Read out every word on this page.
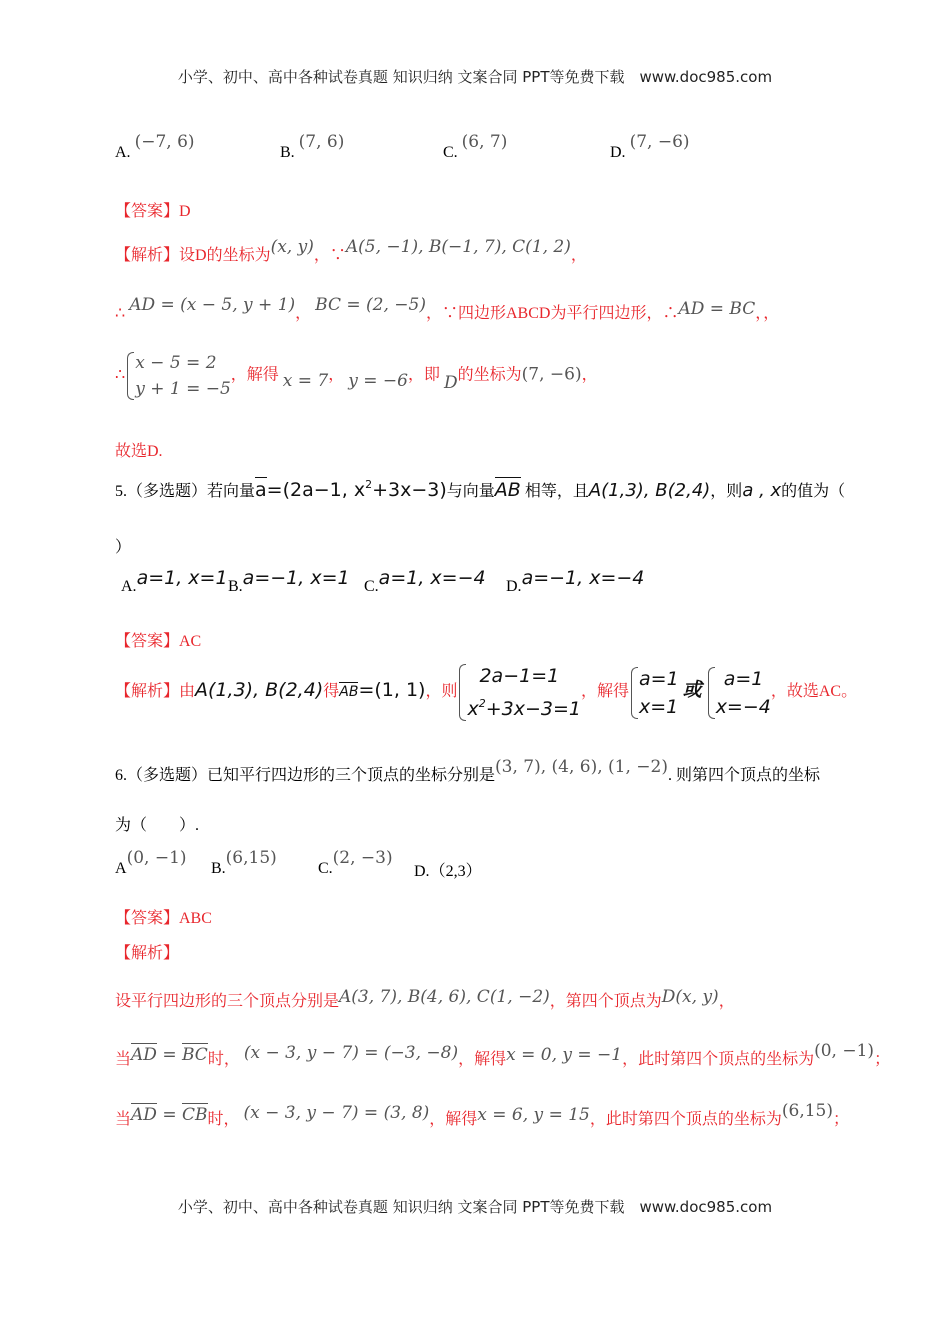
小学、初中、高中各种试卷真题 知识归纳 文案合同 PPT等免费下载　www.doc985.com
A. (−7, 6)
B. (7, 6)
C. (6, 7)
D. (7, −6)
【答案】D
【解析】设D的坐标为(x, y)，∵A(5, −1), B(−1, 7), C(1, 2)，
∴ AD = (x − 5, y + 1)， BC = (2, −5)，∵四边形ABCD为平行四边形，∴AD = BC，，
∴
x − 5 = 2
y + 1 = −5
，解得 x = 7， y = −6，即 D的坐标为(7, −6)，
故选D.
5.（多选题）若向量a=(2a−1, $x^2+3x-3$)与向量AB 相等，且A(1,3), B(2,4)，则a , x的值为（
）
A.a=1, x=1 B.a=−1, x=1 C.a=1, x=−4 D.a=−1, x=−4
【答案】AC
【解析】由A(1,3), B(2,4)得AB=(1, 1)，则
2a−1=1
$x^2+3x-3=1$
，解得
a=1
x=1
或
a=1
x=−4
，故选AC。
6.（多选题）已知平行四边形的三个顶点的坐标分别是(3, 7), (4, 6), (1, −2). 则第四个顶点的坐标
为（　　）.
A(0, −1)
B.(6,15)
C.(2, −3)
D.（2,3）
【答案】ABC
【解析】
设平行四边形的三个顶点分别是A(3, 7), B(4, 6), C(1, −2)，第四个顶点为D(x, y)，
当AD = BC时， (x − 3, y − 7) = (−3, −8)，解得x = 0, y = −1，此时第四个顶点的坐标为(0, −1)；
当AD = CB时， (x − 3, y − 7) = (3, 8)，解得x = 6, y = 15，此时第四个顶点的坐标为(6,15)；
小学、初中、高中各种试卷真题 知识归纳 文案合同 PPT等免费下载　www.doc985.com
